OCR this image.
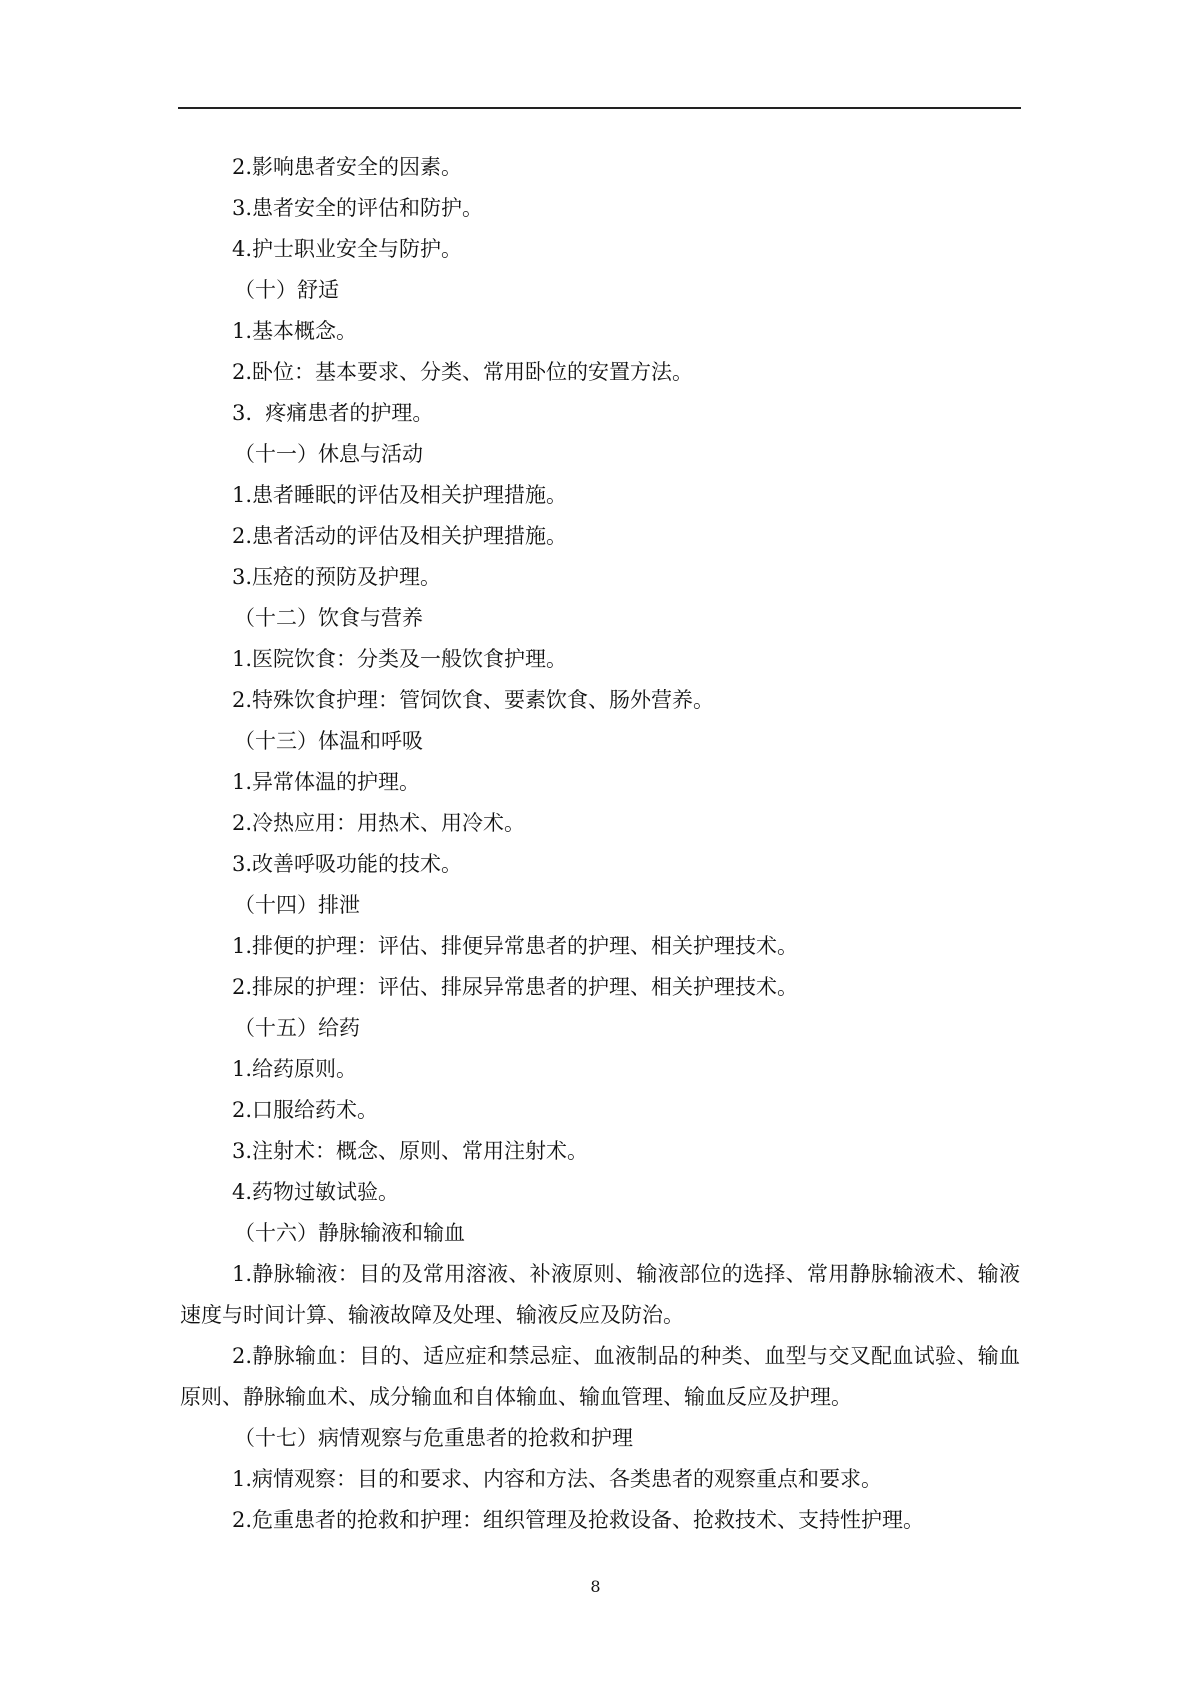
2.影响患者安全的因素。
3.患者安全的评估和防护。
4.护士职业安全与防护。
（十）舒适
1.基本概念。
2.卧位：基本要求、分类、常用卧位的安置方法。
3.  疼痛患者的护理。
（十一）休息与活动
1.患者睡眠的评估及相关护理措施。
2.患者活动的评估及相关护理措施。
3.压疮的预防及护理。
（十二）饮食与营养
1.医院饮食：分类及一般饮食护理。
2.特殊饮食护理：管饲饮食、要素饮食、肠外营养。
（十三）体温和呼吸
1.异常体温的护理。
2.冷热应用：用热术、用冷术。
3.改善呼吸功能的技术。
（十四）排泄
1.排便的护理：评估、排便异常患者的护理、相关护理技术。
2.排尿的护理：评估、排尿异常患者的护理、相关护理技术。
（十五）给药
1.给药原则。
2.口服给药术。
3.注射术：概念、原则、常用注射术。
4.药物过敏试验。
（十六）静脉输液和输血
1.静脉输液：目的及常用溶液、补液原则、输液部位的选择、常用静脉输液术、输液速度与时间计算、输液故障及处理、输液反应及防治。
2.静脉输血：目的、适应症和禁忌症、血液制品的种类、血型与交叉配血试验、输血原则、静脉输血术、成分输血和自体输血、输血管理、输血反应及护理。
（十七）病情观察与危重患者的抢救和护理
1.病情观察：目的和要求、内容和方法、各类患者的观察重点和要求。
2.危重患者的抢救和护理：组织管理及抢救设备、抢救技术、支持性护理。
8
